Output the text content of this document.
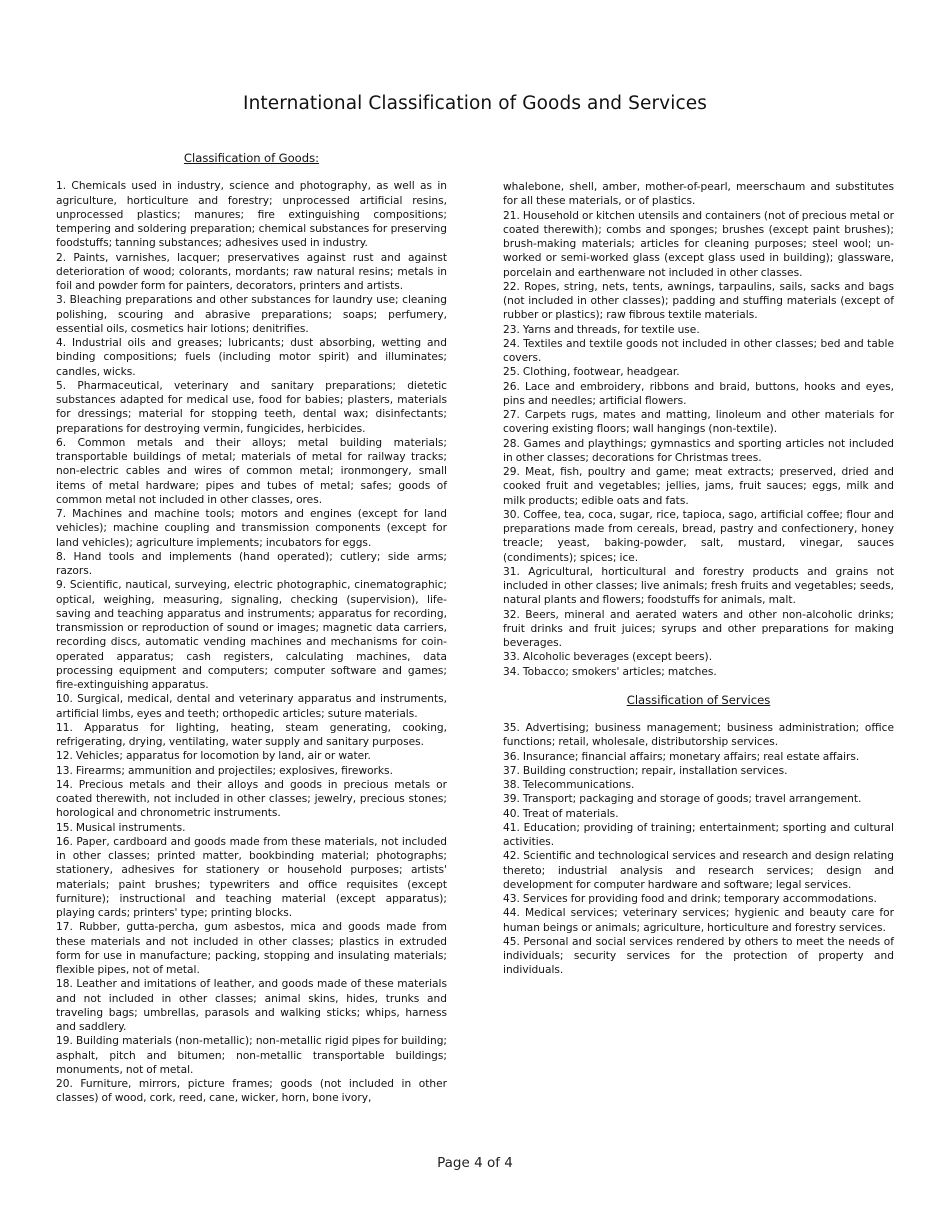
International Classification of Goods and Services
Classification of Goods:

1. Chemicals used in industry, science and photography, as well as in agriculture, horticulture and forestry; unprocessed artificial resins, unprocessed plastics; manures; fire extinguishing compositions; tempering and soldering preparation; chemical substances for preserving foodstuffs; tanning substances; adhesives used in industry.

2. Paints, varnishes, lacquer; preservatives against rust and against deterioration of wood; colorants, mordants; raw natural resins; metals in foil and powder form for painters, decorators, printers and artists.

3. Bleaching preparations and other substances for laundry use; cleaning polishing, scouring and abrasive preparations; soaps; perfumery, essential oils, cosmetics hair lotions; denitrifies.

4. Industrial oils and greases; lubricants; dust absorbing, wetting and binding compositions; fuels (including motor spirit) and illuminates; candles, wicks.

5. Pharmaceutical, veterinary and sanitary preparations; dietetic substances adapted for medical use, food for babies; plasters, materials for dressings; material for stopping teeth, dental wax; disinfectants; preparations for destroying vermin, fungicides, herbicides.

6. Common metals and their alloys; metal building materials; transportable buildings of metal; materials of metal for railway tracks; non-electric cables and wires of common metal; ironmongery, small items of metal hardware; pipes and tubes of metal; safes; goods of common metal not included in other classes, ores.

7. Machines and machine tools; motors and engines (except for land vehicles); machine coupling and transmission components (except for land vehicles); agriculture implements; incubators for eggs.

8. Hand tools and implements (hand operated); cutlery; side arms; razors.

9. Scientific, nautical, surveying, electric photographic, cinematographic; optical, weighing, measuring, signaling, checking (supervision), life-saving and teaching apparatus and instruments; apparatus for recording, transmission or reproduction of sound or images; magnetic data carriers, recording discs, automatic vending machines and mechanisms for coin-operated apparatus; cash registers, calculating machines, data processing equipment and computers; computer software and games; fire-extinguishing apparatus.

10. Surgical, medical, dental and veterinary apparatus and instruments, artificial limbs, eyes and teeth; orthopedic articles; suture materials.

11. Apparatus for lighting, heating, steam generating, cooking, refrigerating, drying, ventilating, water supply and sanitary purposes.

12. Vehicles; apparatus for locomotion by land, air or water.

13. Firearms; ammunition and projectiles; explosives, fireworks.

14. Precious metals and their alloys and goods in precious metals or coated therewith, not included in other classes; jewelry, precious stones; horological and chronometric instruments.

15. Musical instruments.

16. Paper, cardboard and goods made from these materials, not included in other classes; printed matter, bookbinding material; photographs; stationery, adhesives for stationery or household purposes; artists' materials; paint brushes; typewriters and office requisites (except furniture); instructional and teaching material (except apparatus); playing cards; printers' type; printing blocks.

17. Rubber, gutta-percha, gum asbestos, mica and goods made from these materials and not included in other classes; plastics in extruded form for use in manufacture; packing, stopping and insulating materials; flexible pipes, not of metal.

18. Leather and imitations of leather, and goods made of these materials and not included in other classes; animal skins, hides, trunks and traveling bags; umbrellas, parasols and walking sticks; whips, harness and saddlery.

19. Building materials (non-metallic); non-metallic rigid pipes for building; asphalt, pitch and bitumen; non-metallic transportable buildings; monuments, not of metal.

20. Furniture, mirrors, picture frames; goods (not included in other classes) of wood, cork, reed, cane, wicker, horn, bone ivory,

whalebone, shell, amber, mother-of-pearl, meerschaum and substitutes for all these materials, or of plastics.

21. Household or kitchen utensils and containers (not of precious metal or coated therewith); combs and sponges; brushes (except paint brushes); brush-making materials; articles for cleaning purposes; steel wool; un-worked or semi-worked glass (except glass used in building); glassware, porcelain and earthenware not included in other classes.

22. Ropes, string, nets, tents, awnings, tarpaulins, sails, sacks and bags (not included in other classes); padding and stuffing materials (except of rubber or plastics); raw fibrous textile materials.

23. Yarns and threads, for textile use.

24. Textiles and textile goods not included in other classes; bed and table covers.

25. Clothing, footwear, headgear.

26. Lace and embroidery, ribbons and braid, buttons, hooks and eyes, pins and needles; artificial flowers.

27. Carpets rugs, mates and matting, linoleum and other materials for covering existing floors; wall hangings (non-textile).

28. Games and playthings; gymnastics and sporting articles not included in other classes; decorations for Christmas trees.

29. Meat, fish, poultry and game; meat extracts; preserved, dried and cooked fruit and vegetables; jellies, jams, fruit sauces; eggs, milk and milk products; edible oats and fats.

30. Coffee, tea, coca, sugar, rice, tapioca, sago, artificial coffee; flour and preparations made from cereals, bread, pastry and confectionery, honey treacle; yeast, baking-powder, salt, mustard, vinegar, sauces (condiments); spices; ice.

31. Agricultural, horticultural and forestry products and grains not included in other classes; live animals; fresh fruits and vegetables; seeds, natural plants and flowers; foodstuffs for animals, malt.

32. Beers, mineral and aerated waters and other non-alcoholic drinks; fruit drinks and fruit juices; syrups and other preparations for making beverages.

33. Alcoholic beverages (except beers).

34. Tobacco; smokers' articles; matches.

Classification of Services

35. Advertising; business management; business administration; office functions; retail, wholesale, distributorship services.

36. Insurance; financial affairs; monetary affairs; real estate affairs.

37. Building construction; repair, installation services.

38. Telecommunications.

39. Transport; packaging and storage of goods; travel arrangement.

40. Treat of materials.

41. Education; providing of training; entertainment; sporting and cultural activities.

42. Scientific and technological services and research and design relating thereto; industrial analysis and research services; design and development for computer hardware and software; legal services.

43. Services for providing food and drink; temporary accommodations.

44. Medical services; veterinary services; hygienic and beauty care for human beings or animals; agriculture, horticulture and forestry services.

45. Personal and social services rendered by others to meet the needs of individuals; security services for the protection of property and individuals.

Page 4 of 4
